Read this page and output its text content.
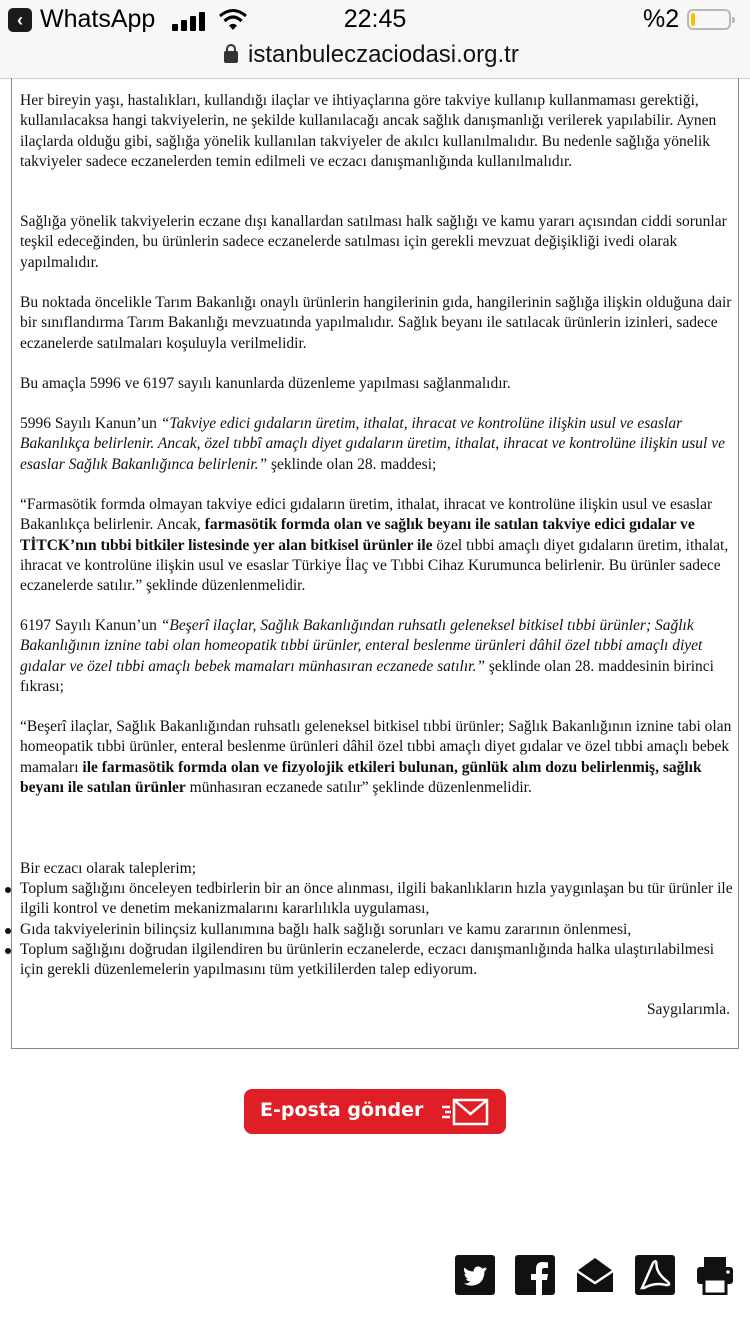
‹ WhatsApp	22:45	%2
istanbuleczaciodasi.org.tr

Her bireyin yaşı, hastalıkları, kullandığı ilaçlar ve ihtiyaçlarına göre takviye kullanıp kullanmaması gerektiği, kullanılacaksa hangi takviyelerin, ne şekilde kullanılacağı ancak sağlık danışmanlığı verilerek yapılabilir. Aynen ilaçlarda olduğu gibi, sağlığa yönelik kullanılan takviyeler de akılcı kullanılmalıdır. Bu nedenle sağlığa yönelik takviyeler sadece eczanelerden temin edilmeli ve eczacı danışmanlığında kullanılmalıdır.

Sağlığa yönelik takviyelerin eczane dışı kanallardan satılması halk sağlığı ve kamu yararı açısından ciddi sorunlar teşkil edeceğinden, bu ürünlerin sadece eczanelerde satılması için gerekli mevzuat değişikliği ivedi olarak yapılmalıdır.

Bu noktada öncelikle Tarım Bakanlığı onaylı ürünlerin hangilerinin gıda, hangilerinin sağlığa ilişkin olduğuna dair bir sınıflandırma Tarım Bakanlığı mevzuatında yapılmalıdır. Sağlık beyanı ile satılacak ürünlerin izinleri, sadece eczanelerde satılmaları koşuluyla verilmelidir.

Bu amaçla 5996 ve 6197 sayılı kanunlarda düzenleme yapılması sağlanmalıdır.

5996 Sayılı Kanun’un “Takviye edici gıdaların üretim, ithalat, ihracat ve kontrolüne ilişkin usul ve esaslar Bakanlıkça belirlenir. Ancak, özel tıbbî amaçlı diyet gıdaların üretim, ithalat, ihracat ve kontrolüne ilişkin usul ve esaslar Sağlık Bakanlığınca belirlenir.” şeklinde olan 28. maddesi;

“Farmasötik formda olmayan takviye edici gıdaların üretim, ithalat, ihracat ve kontrolüne ilişkin usul ve esaslar Bakanlıkça belirlenir. Ancak, farmasötik formda olan ve sağlık beyanı ile satılan takviye edici gıdalar ve TİTCK’nın tıbbi bitkiler listesinde yer alan bitkisel ürünler ile özel tıbbi amaçlı diyet gıdaların üretim, ithalat, ihracat ve kontrolüne ilişkin usul ve esaslar Türkiye İlaç ve Tıbbi Cihaz Kurumunca belirlenir. Bu ürünler sadece eczanelerde satılır.” şeklinde düzenlenmelidir.

6197 Sayılı Kanun’un “Beşerî ilaçlar, Sağlık Bakanlığından ruhsatlı geleneksel bitkisel tıbbi ürünler; Sağlık Bakanlığının iznine tabi olan homeopatik tıbbi ürünler, enteral beslenme ürünleri dâhil özel tıbbi amaçlı diyet gıdalar ve özel tıbbi amaçlı bebek mamaları münhasıran eczanede satılır.” şeklinde olan 28. maddesinin birinci fıkrası;

“Beşerî ilaçlar, Sağlık Bakanlığından ruhsatlı geleneksel bitkisel tıbbi ürünler; Sağlık Bakanlığının iznine tabi olan homeopatik tıbbi ürünler, enteral beslenme ürünleri dâhil özel tıbbi amaçlı diyet gıdalar ve özel tıbbi amaçlı bebek mamaları ile farmasötik formda olan ve fizyolojik etkileri bulunan, günlük alım dozu belirlenmiş, sağlık beyanı ile satılan ürünler münhasıran eczanede satılır” şeklinde düzenlenmelidir.

Bir eczacı olarak taleplerim;

Toplum sağlığını önceleyen tedbirlerin bir an önce alınması, ilgili bakanlıkların hızla yaygınlaşan bu tür ürünler ile ilgili kontrol ve denetim mekanizmalarını kararlılıkla uygulaması,
Gıda takviyelerinin bilinçsiz kullanımına bağlı halk sağlığı sorunları ve kamu zararının önlenmesi,
Toplum sağlığını doğrudan ilgilendiren bu ürünlerin eczanelerde, eczacı danışmanlığında halka ulaştırılabilmesi için gerekli düzenlemelerin yapılmasını tüm yetkililerden talep ediyorum.
Saygılarımla.
E-posta gönder
